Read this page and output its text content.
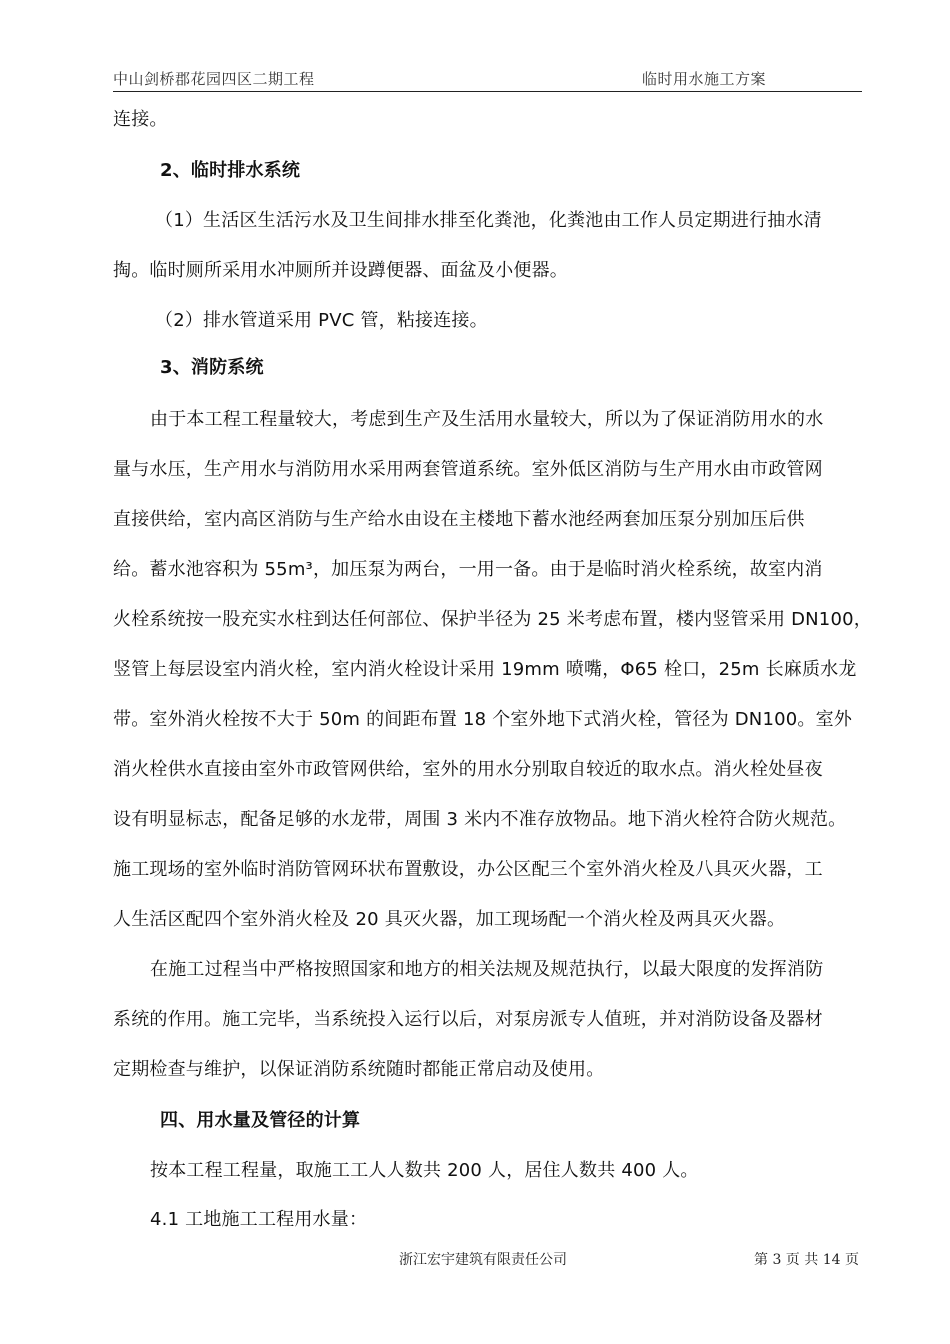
中山剑桥郡花园四区二期工程	临时用水施工方案
连接。
2、临时排水系统
（1）生活区生活污水及卫生间排水排至化粪池，化粪池由工作人员定期进行抽水清
掏。临时厕所采用水冲厕所并设蹲便器、面盆及小便器。
（2）排水管道采用 PVC 管，粘接连接。
3、消防系统
由于本工程工程量较大，考虑到生产及生活用水量较大，所以为了保证消防用水的水
量与水压，生产用水与消防用水采用两套管道系统。室外低区消防与生产用水由市政管网
直接供给，室内高区消防与生产给水由设在主楼地下蓄水池经两套加压泵分别加压后供
给。蓄水池容积为 55m³，加压泵为两台，一用一备。由于是临时消火栓系统，故室内消
火栓系统按一股充实水柱到达任何部位、保护半径为 25 米考虑布置，楼内竖管采用 DN100，
竖管上每层设室内消火栓，室内消火栓设计采用 19mm 喷嘴，Φ65 栓口，25m 长麻质水龙
带。室外消火栓按不大于 50m 的间距布置 18 个室外地下式消火栓，管径为 DN100。室外
消火栓供水直接由室外市政管网供给，室外的用水分别取自较近的取水点。消火栓处昼夜
设有明显标志，配备足够的水龙带，周围 3 米内不准存放物品。地下消火栓符合防火规范。
施工现场的室外临时消防管网环状布置敷设，办公区配三个室外消火栓及八具灭火器，工
人生活区配四个室外消火栓及 20 具灭火器，加工现场配一个消火栓及两具灭火器。
在施工过程当中严格按照国家和地方的相关法规及规范执行，以最大限度的发挥消防
系统的作用。施工完毕，当系统投入运行以后，对泵房派专人值班，并对消防设备及器材
定期检查与维护，以保证消防系统随时都能正常启动及使用。
四、用水量及管径的计算
按本工程工程量，取施工工人人数共 200 人，居住人数共 400 人。
4.1 工地施工工程用水量：
浙江宏宇建筑有限责任公司	第 3 页 共 14 页
